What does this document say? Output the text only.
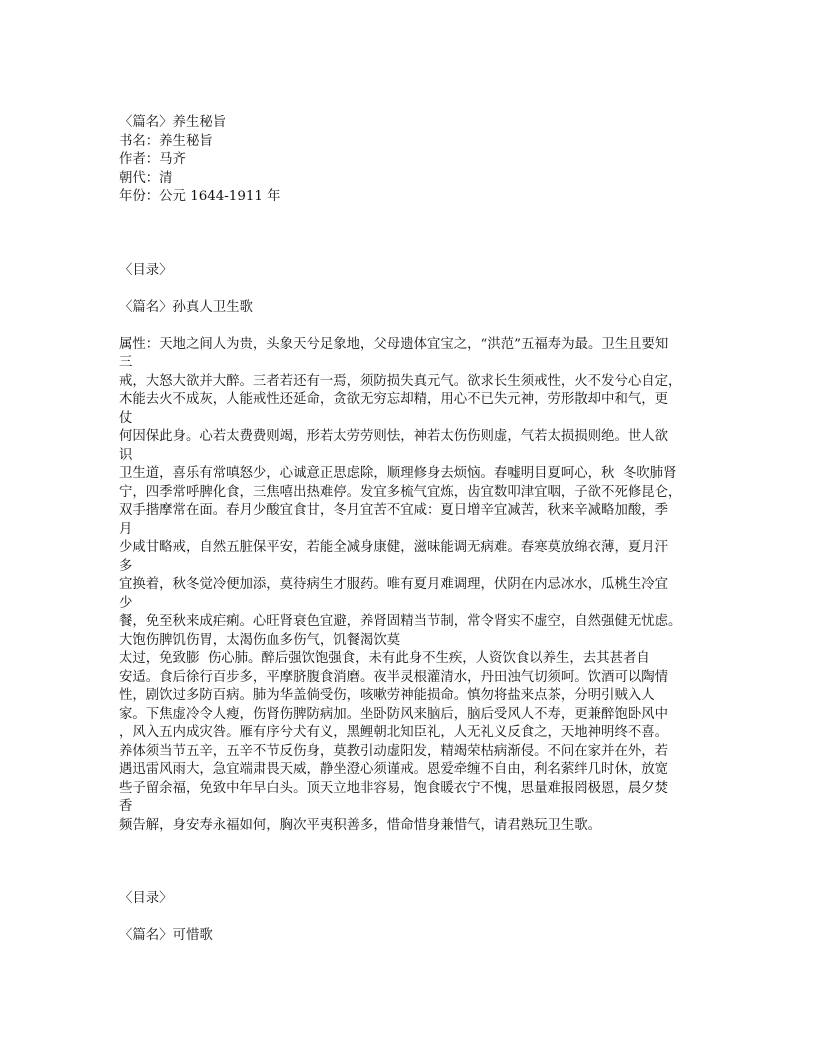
〈篇名〉养生秘旨
书名：养生秘旨
作者：马齐
朝代：清
年份：公元 1644-1911 年
〈目录〉
〈篇名〉孙真人卫生歌
属性：天地之间人为贵，头象天兮足象地，父母遗体宜宝之，“洪范”五福寿为最。卫生且要知
三
戒，大怒大欲并大醉。三者若还有一焉，须防损失真元气。欲求长生须戒性，火不发兮心自定，
木能去火不成灰，人能戒性还延命，贪欲无穷忘却精，用心不已失元神，劳形散却中和气，更
仗
何因保此身。心若太费费则竭，形若太劳劳则怯，神若太伤伤则虚，气若太损损则绝。世人欲
识
卫生道，喜乐有常嗔怒少，心诚意正思虑除，顺理修身去烦恼。春嘘明目夏呵心，秋  冬吹肺肾
宁，四季常呼脾化食，三焦嘻出热难停。发宜多梳气宜炼，齿宜数叩津宜咽，子欲不死修昆仑，
双手揩摩常在面。春月少酸宜食甘，冬月宜苦不宜咸：夏日增辛宜减苦，秋来辛减略加酸，季
月
少咸甘略戒，自然五脏保平安，若能全减身康健，滋味能调无病难。春寒莫放绵衣薄，夏月汗
多
宜换着，秋冬觉冷便加添，莫待病生才服药。唯有夏月难调理，伏阴在内忌冰水，瓜桃生冷宜
少
餐，免至秋来成疟痢。心旺肾衰色宜避，养肾固精当节制，常令肾实不虚空，自然强健无忧虑。
大饱伤脾饥伤胃，太渴伤血多伤气，饥餐渴饮莫
太过，免致膨  伤心肺。醉后强饮饱强食，未有此身不生疾，人资饮食以养生，去其甚者自
安适。食后徐行百步多，平摩脐腹食消磨。夜半灵根灌清水，丹田浊气切须呵。饮酒可以陶情
性，剧饮过多防百病。肺为华盖倘受伤，咳嗽劳神能损命。慎勿将盐来点茶，分明引贼入人
家。下焦虚冷令人瘦，伤肾伤脾防病加。坐卧防风来脑后，脑后受风人不寿，更兼醉饱卧风中
，风入五内成灾咎。雁有序兮犬有义，黑鲤朝北知臣礼，人无礼义反食之，天地神明终不喜。
养体须当节五辛，五辛不节反伤身，莫教引动虚阳发，精竭荣枯病渐侵。不问在家并在外，若
遇迅雷风雨大，急宜端肃畏天威，静坐澄心须谨戒。恩爱牵缠不自由，利名萦绊几时休，放宽
些子留余福，免致中年早白头。顶天立地非容易，饱食暖衣宁不愧，思量难报罔极恩，晨夕焚
香
频告解，身安寿永福如何，胸次平夷积善多，惜命惜身兼惜气，请君熟玩卫生歌。
〈目录〉
〈篇名〉可惜歌
